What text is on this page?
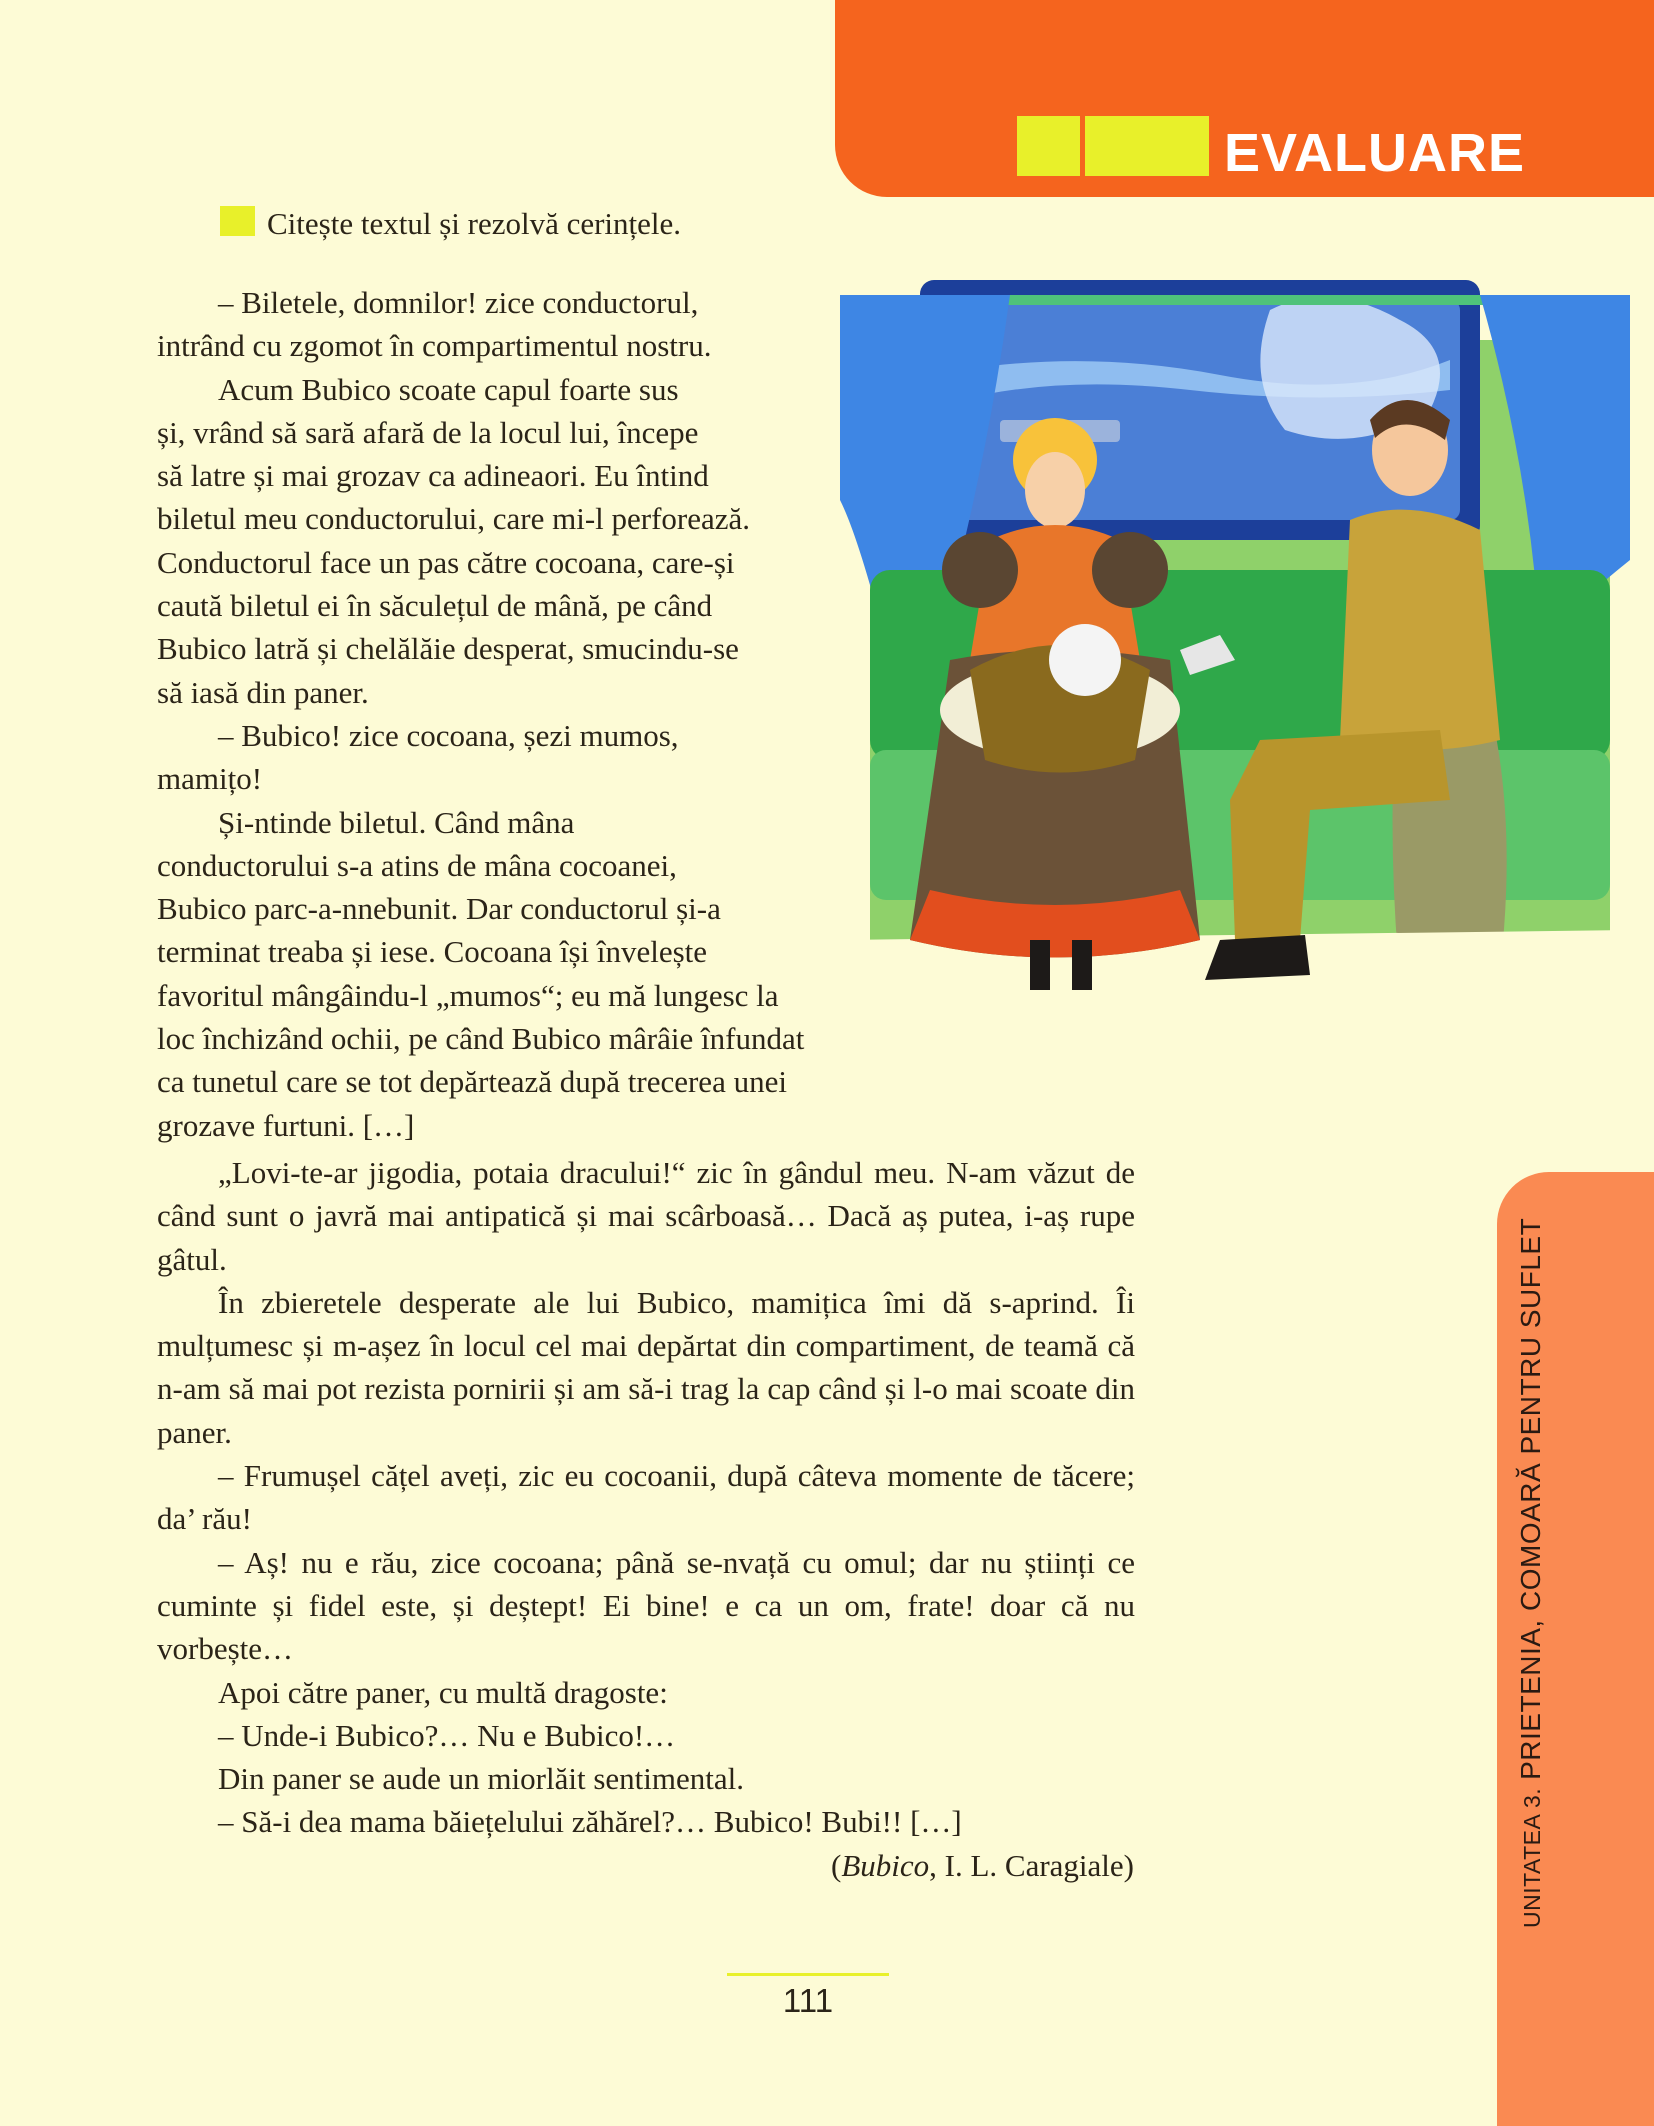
EVALUARE
UNITATEA 3.PRIETENIA, COMOARĂ PENTRU SUFLET
Citește textul și rezolvă cerințele.

– Biletele, domnilor! zice conductorul,

intrând cu zgomot în compartimentul nostru.

Acum Bubico scoate capul foarte sus

și, vrând să sară afară de la locul lui, începe

să latre și mai grozav ca adineaori. Eu întind

biletul meu conductorului, care mi-l perforează.

Conductorul face un pas către cocoana, care-și

caută biletul ei în săculețul de mână, pe când

Bubico latră și chelălăie desperat, smucindu-se

să iasă din paner.

– Bubico! zice cocoana, șezi mumos,

mamițo!

Și-ntinde biletul. Când mâna

conductorului s-a atins de mâna cocoanei,

Bubico parc-a-nnebunit. Dar conductorul și-a

terminat treaba și iese. Cocoana își învelește

favoritul mângâindu-l „mumos“; eu mă lungesc la

loc închizând ochii, pe când Bubico mârâie înfundat

ca tunetul care se tot depărtează după trecerea unei

grozave furtuni. […]

„Lovi-te-ar jigodia, potaia dracului!“ zic în gândul meu. N-am văzut de când sunt o javră mai antipatică și mai scârboasă… Dacă aș putea, i-aș rupe gâtul.

În zbieretele desperate ale lui Bubico, mamițica îmi dă s-aprind. Îi mulțumesc și m-așez în locul cel mai depărtat din compartiment, de teamă că n-am să mai pot rezista pornirii și am să-i trag la cap când și l-o mai scoate din paner.

– Frumușel cățel aveți, zic eu cocoanii, după câteva momente de tăcere; da’ rău!

– Aș! nu e rău, zice cocoana; până se-nvață cu omul; dar nu științi ce cuminte și fidel este, și deștept! Ei bine! e ca un om, frate! doar că nu vorbește…

Apoi către paner, cu multă dragoste:

– Unde-i Bubico?… Nu e Bubico!…

Din paner se aude un miorlăit sentimental.

– Să-i dea mama băiețelului zăhărel?… Bubico! Bubi!! […]

(Bubico, I. L. Caragiale)
111
